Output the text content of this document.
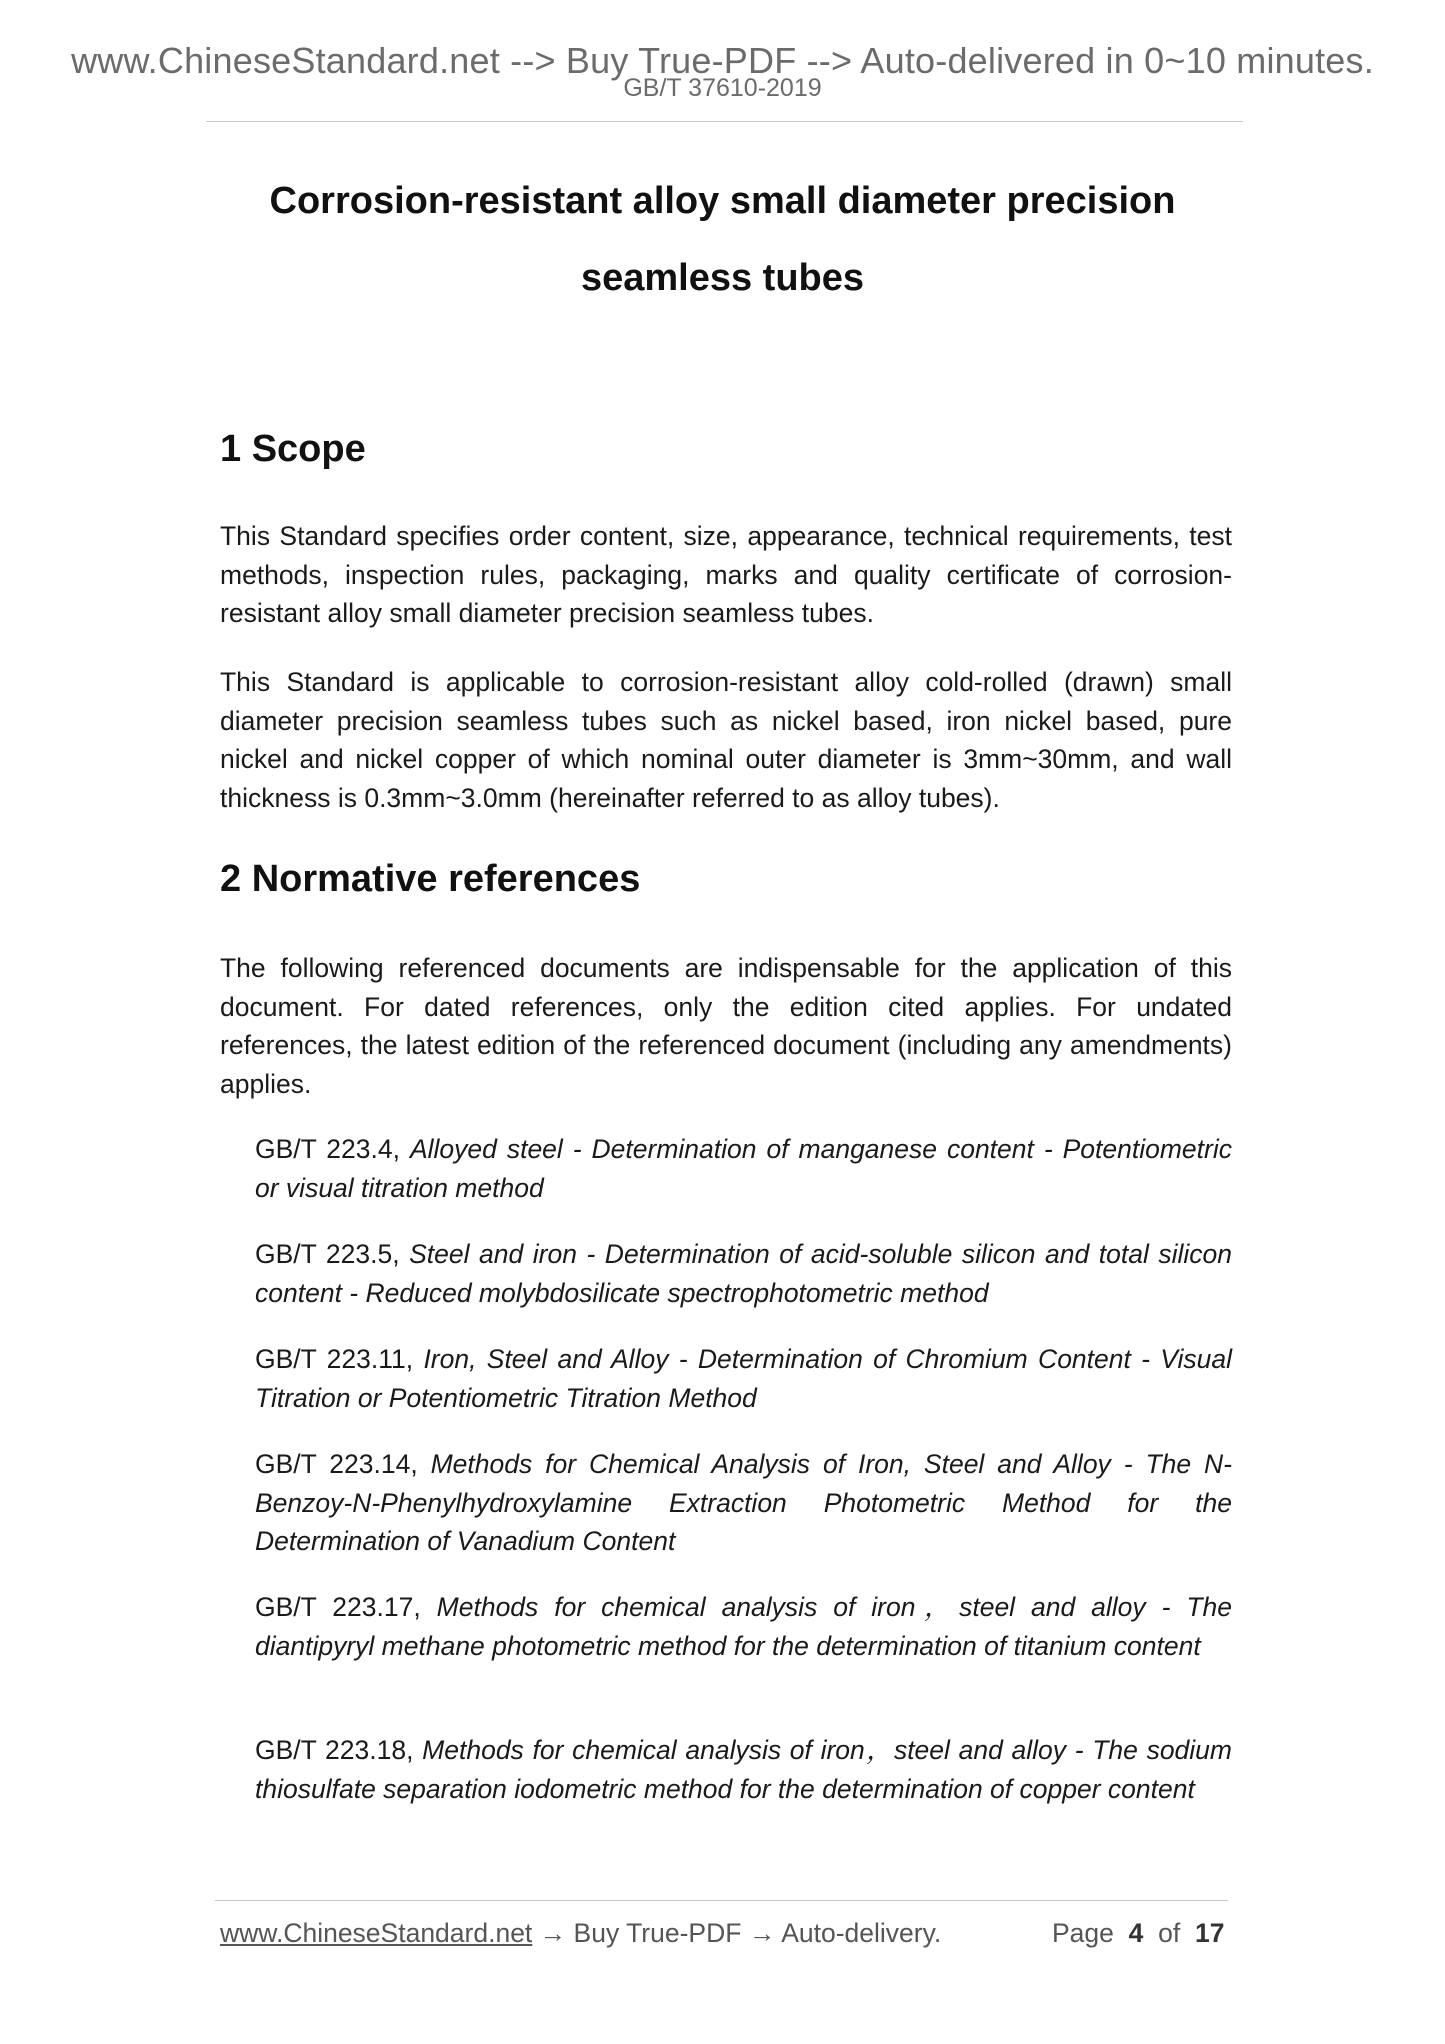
www.ChineseStandard.net --> Buy True-PDF --> Auto-delivered in 0~10 minutes.
GB/T 37610-2019
Corrosion-resistant alloy small diameter precision
seamless tubes
1 Scope
This Standard specifies order content, size, appearance, technical requirements, test methods, inspection rules, packaging, marks and quality certificate of corrosion-resistant alloy small diameter precision seamless tubes.
This Standard is applicable to corrosion-resistant alloy cold-rolled (drawn) small diameter precision seamless tubes such as nickel based, iron nickel based, pure nickel and nickel copper of which nominal outer diameter is 3mm~30mm, and wall thickness is 0.3mm~3.0mm (hereinafter referred to as alloy tubes).
2 Normative references
The following referenced documents are indispensable for the application of this document. For dated references, only the edition cited applies. For undated references, the latest edition of the referenced document (including any amendments) applies.
GB/T 223.4, Alloyed steel - Determination of manganese content - Potentiometric or visual titration method
GB/T 223.5, Steel and iron - Determination of acid-soluble silicon and total silicon content - Reduced molybdosilicate spectrophotometric method
GB/T 223.11, Iron, Steel and Alloy - Determination of Chromium Content - Visual Titration or Potentiometric Titration Method
GB/T 223.14, Methods for Chemical Analysis of Iron, Steel and Alloy - The N-Benzoy-N-Phenylhydroxylamine Extraction Photometric Method for the Determination of Vanadium Content
GB/T 223.17, Methods for chemical analysis of iron，steel and alloy - The diantipyryl methane photometric method for the determination of titanium content
GB/T 223.18, Methods for chemical analysis of iron，steel and alloy - The sodium thiosulfate separation iodometric method for the determination of copper content
www.ChineseStandard.net → Buy True-PDF → Auto-delivery.	Page 4 of 17
